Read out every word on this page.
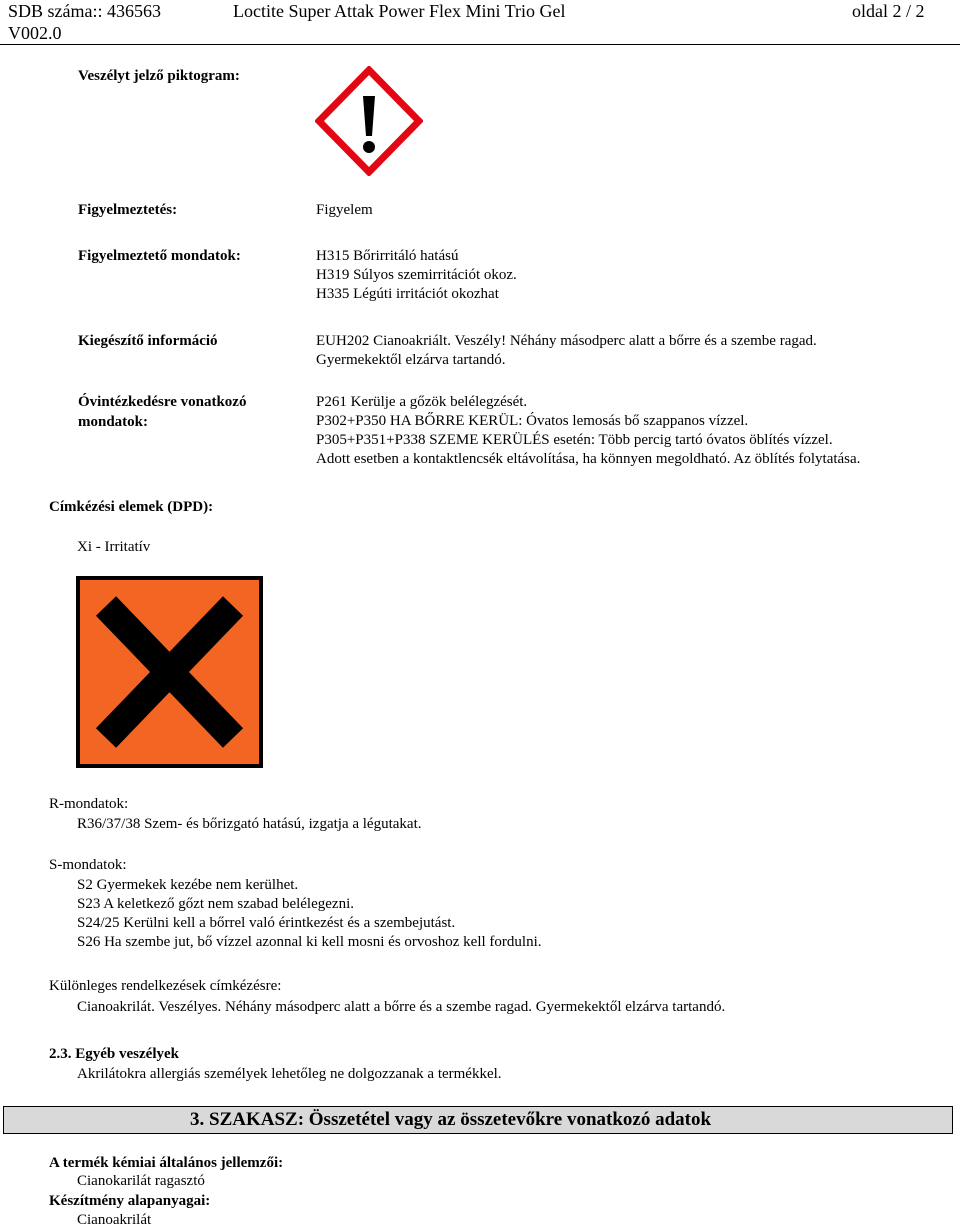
SDB száma:: 436563
V002.0
Loctite Super Attak Power Flex Mini Trio Gel	oldal 2 / 2
Veszélyt jelző piktogram:
Figyelmeztetés:	Figyelem
Figyelmeztető mondatok:	H315 Bőrirritáló hatású
H319 Súlyos szemirritációt okoz.
H335 Légúti irritációt okozhat
Kiegészítő információ	EUH202 Cianoakriált. Veszély! Néhány másodperc alatt a bőrre és a szembe ragad.
Gyermekektől elzárva tartandó.
Óvintézkedésre vonatkozó
mondatok:
P261 Kerülje a gőzök belélegzését.
P302+P350 HA BŐRRE KERÜL: Óvatos lemosás bő szappanos vízzel.
P305+P351+P338 SZEME KERÜLÉS esetén: Több percig tartó óvatos öblítés vízzel.
Adott esetben a kontaktlencsék eltávolítása, ha könnyen megoldható. Az öblítés folytatása.
Címkézési elemek (DPD):
Xi - Irritatív
R-mondatok:
R36/37/38 Szem- és bőrizgató hatású, izgatja a légutakat.
S-mondatok:
S2 Gyermekek kezébe nem kerülhet.
S23 A keletkező gőzt nem szabad belélegezni.
S24/25 Kerülni kell a bőrrel való érintkezést és a szembejutást.
S26 Ha szembe jut, bő vízzel azonnal ki kell mosni és orvoshoz kell fordulni.
Különleges rendelkezések címkézésre:
Cianoakrilát. Veszélyes. Néhány másodperc alatt a bőrre és a szembe ragad. Gyermekektől elzárva tartandó.
2.3. Egyéb veszélyek
Akrilátokra allergiás személyek lehetőleg ne dolgozzanak a termékkel.
3. SZAKASZ: Összetétel vagy az összetevőkre vonatkozó adatok
A termék kémiai általános jellemzői:
Cianokarilát ragasztó
Készítmény alapanyagai:
Cianoakrilát
